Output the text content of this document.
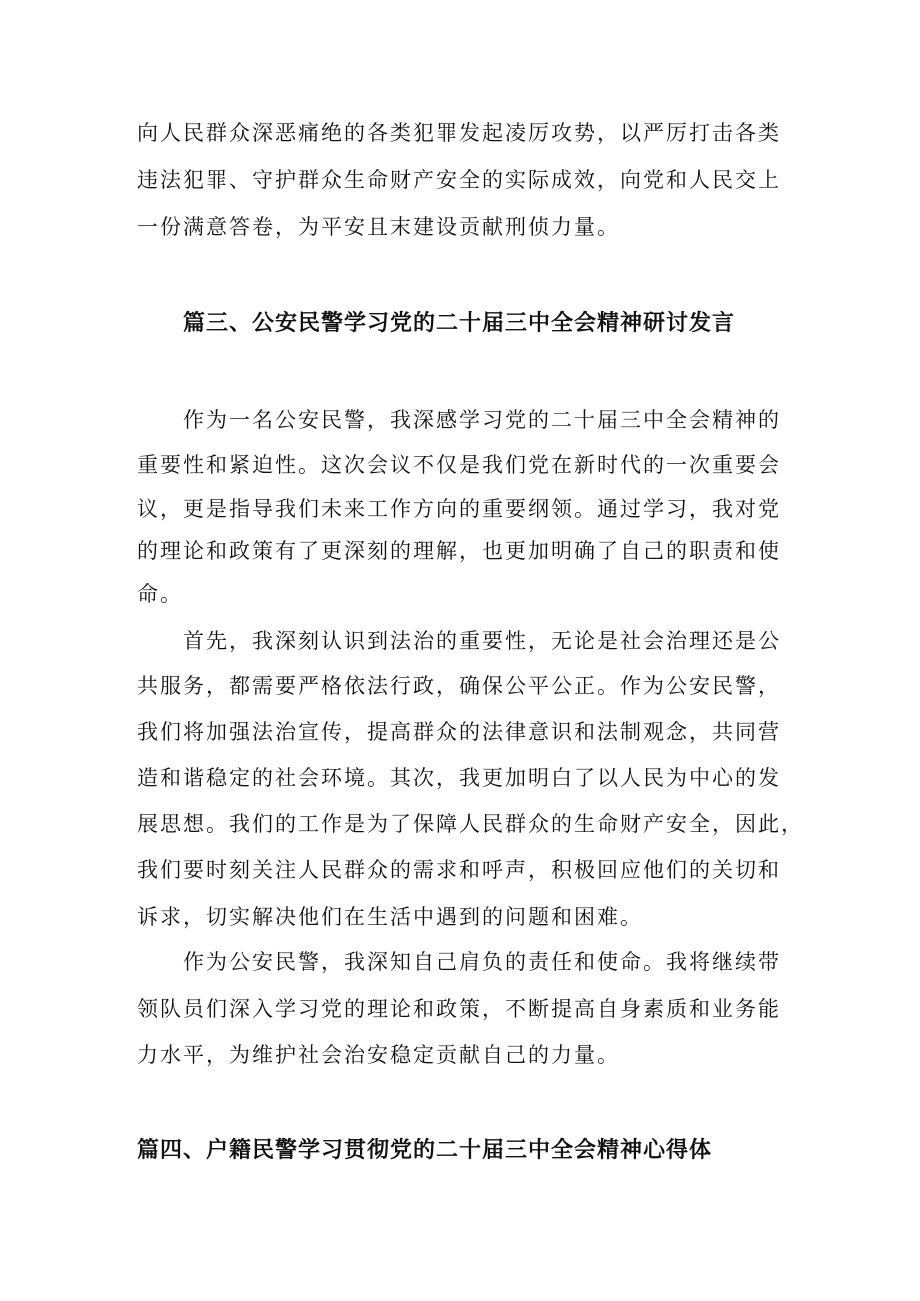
向人民群众深恶痛绝的各类犯罪发起凌厉攻势，以严厉打击各类
违法犯罪、守护群众生命财产安全的实际成效，向党和人民交上
一份满意答卷，为平安且末建设贡献刑侦力量。
篇三、公安民警学习党的二十届三中全会精神研讨发言
作为一名公安民警，我深感学习党的二十届三中全会精神的
重要性和紧迫性。这次会议不仅是我们党在新时代的一次重要会
议，更是指导我们未来工作方向的重要纲领。通过学习，我对党
的理论和政策有了更深刻的理解，也更加明确了自己的职责和使
命。
首先，我深刻认识到法治的重要性，无论是社会治理还是公
共服务，都需要严格依法行政，确保公平公正。作为公安民警，
我们将加强法治宣传，提高群众的法律意识和法制观念，共同营
造和谐稳定的社会环境。其次，我更加明白了以人民为中心的发
展思想。我们的工作是为了保障人民群众的生命财产安全，因此，
我们要时刻关注人民群众的需求和呼声，积极回应他们的关切和
诉求，切实解决他们在生活中遇到的问题和困难。
作为公安民警，我深知自己肩负的责任和使命。我将继续带
领队员们深入学习党的理论和政策，不断提高自身素质和业务能
力水平，为维护社会治安稳定贡献自己的力量。
篇四、户籍民警学习贯彻党的二十届三中全会精神心得体
